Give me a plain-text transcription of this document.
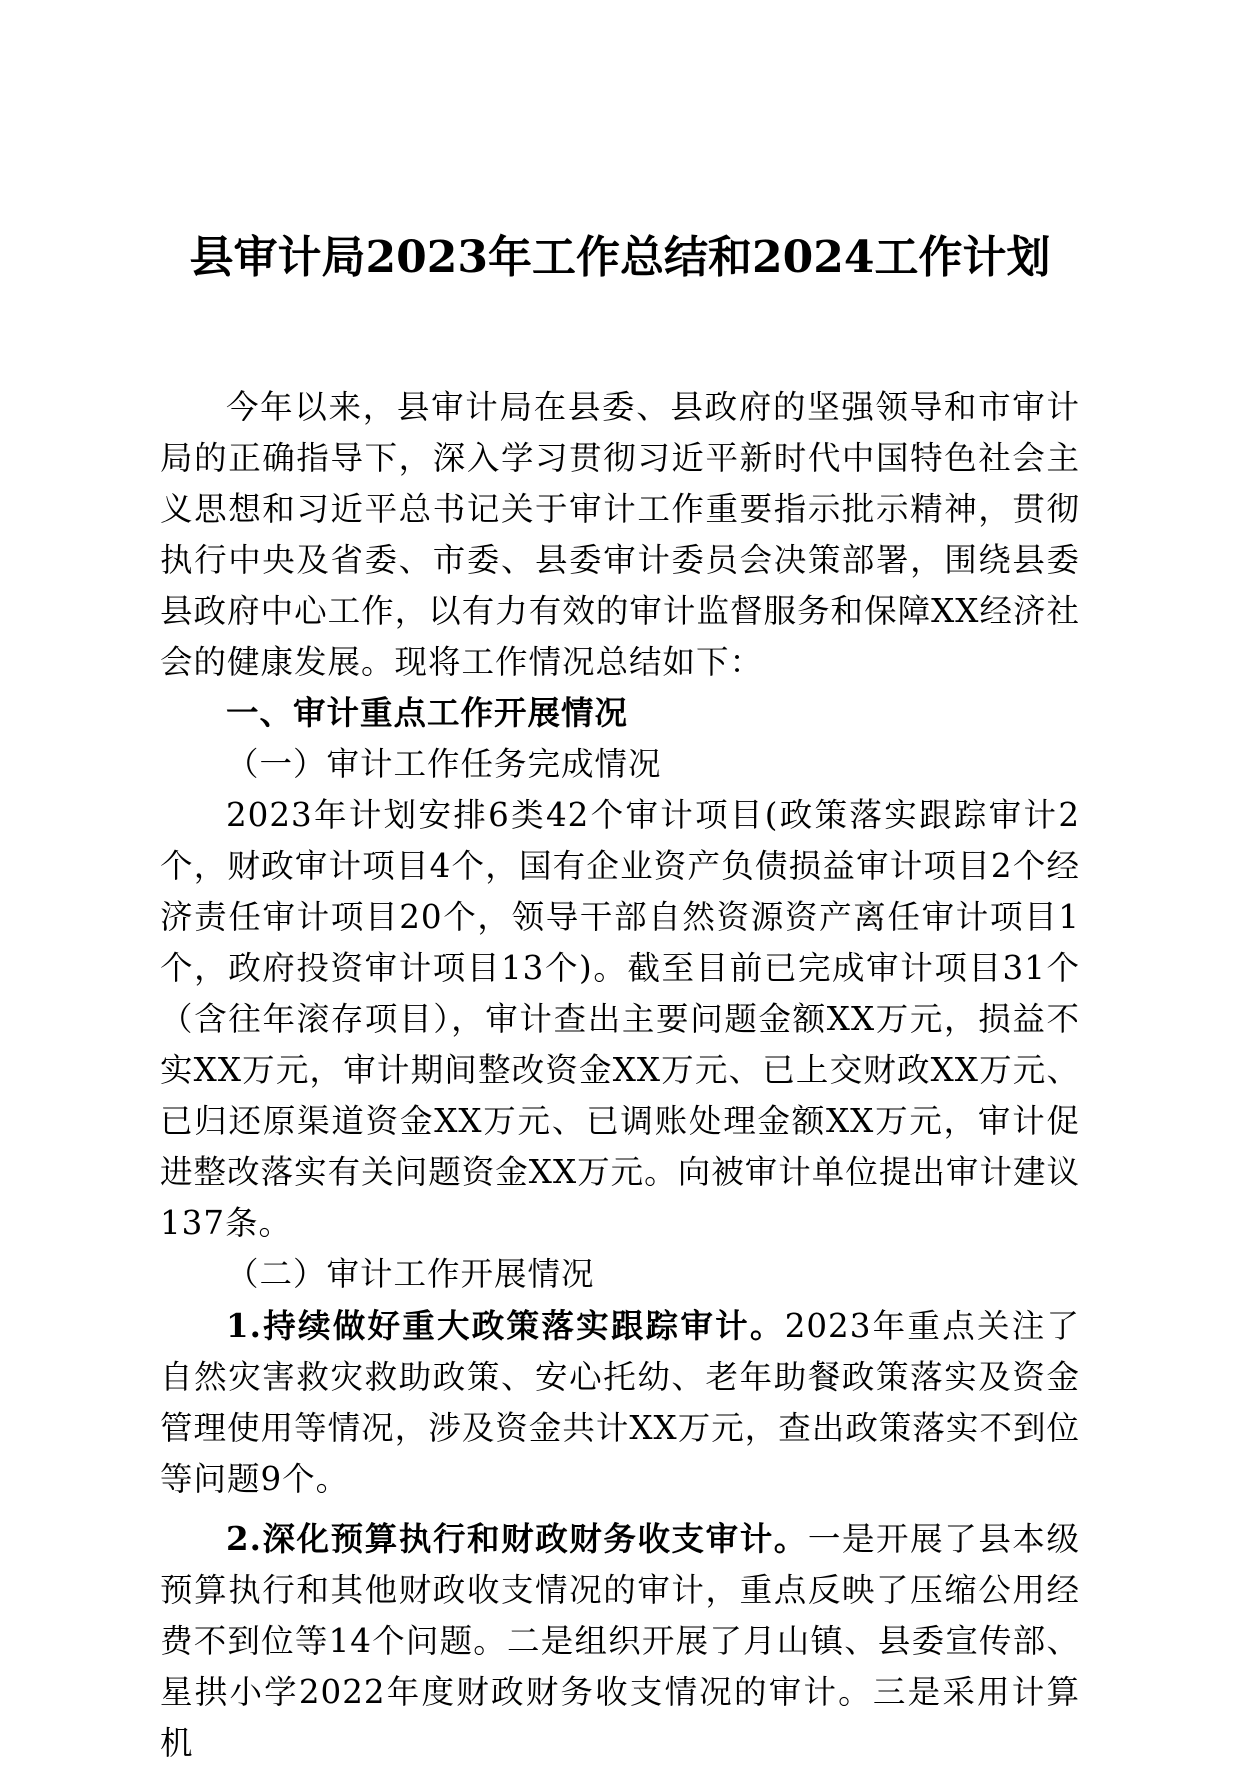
县审计局2023年工作总结和2024工作计划

今年以来，县审计局在县委、县政府的坚强领导和市审计局的正确指导下，深入学习贯彻习近平新时代中国特色社会主义思想和习近平总书记关于审计工作重要指示批示精神，贯彻执行中央及省委、市委、县委审计委员会决策部署，围绕县委县政府中心工作，以有力有效的审计监督服务和保障XX经济社会的健康发展。现将工作情况总结如下：

一、审计重点工作开展情况

（一）审计工作任务完成情况

2023年计划安排6类42个审计项目(政策落实跟踪审计2个，财政审计项目4个，国有企业资产负债损益审计项目2个经济责任审计项目20个，领导干部自然资源资产离任审计项目1个，政府投资审计项目13个)。截至目前已完成审计项目31个（含往年滚存项目），审计查出主要问题金额XX万元，损益不实XX万元，审计期间整改资金XX万元、已上交财政XX万元、已归还原渠道资金XX万元、已调账处理金额XX万元，审计促进整改落实有关问题资金XX万元。向被审计单位提出审计建议137条。

（二）审计工作开展情况

1.持续做好重大政策落实跟踪审计。2023年重点关注了自然灾害救灾救助政策、安心托幼、老年助餐政策落实及资金管理使用等情况，涉及资金共计XX万元，查出政策落实不到位等问题9个。

2.深化预算执行和财政财务收支审计。一是开展了县本级预算执行和其他财政收支情况的审计，重点反映了压缩公用经费不到位等14个问题。二是组织开展了月山镇、县委宣传部、星拱小学2022年度财政财务收支情况的审计。三是采用计算机
